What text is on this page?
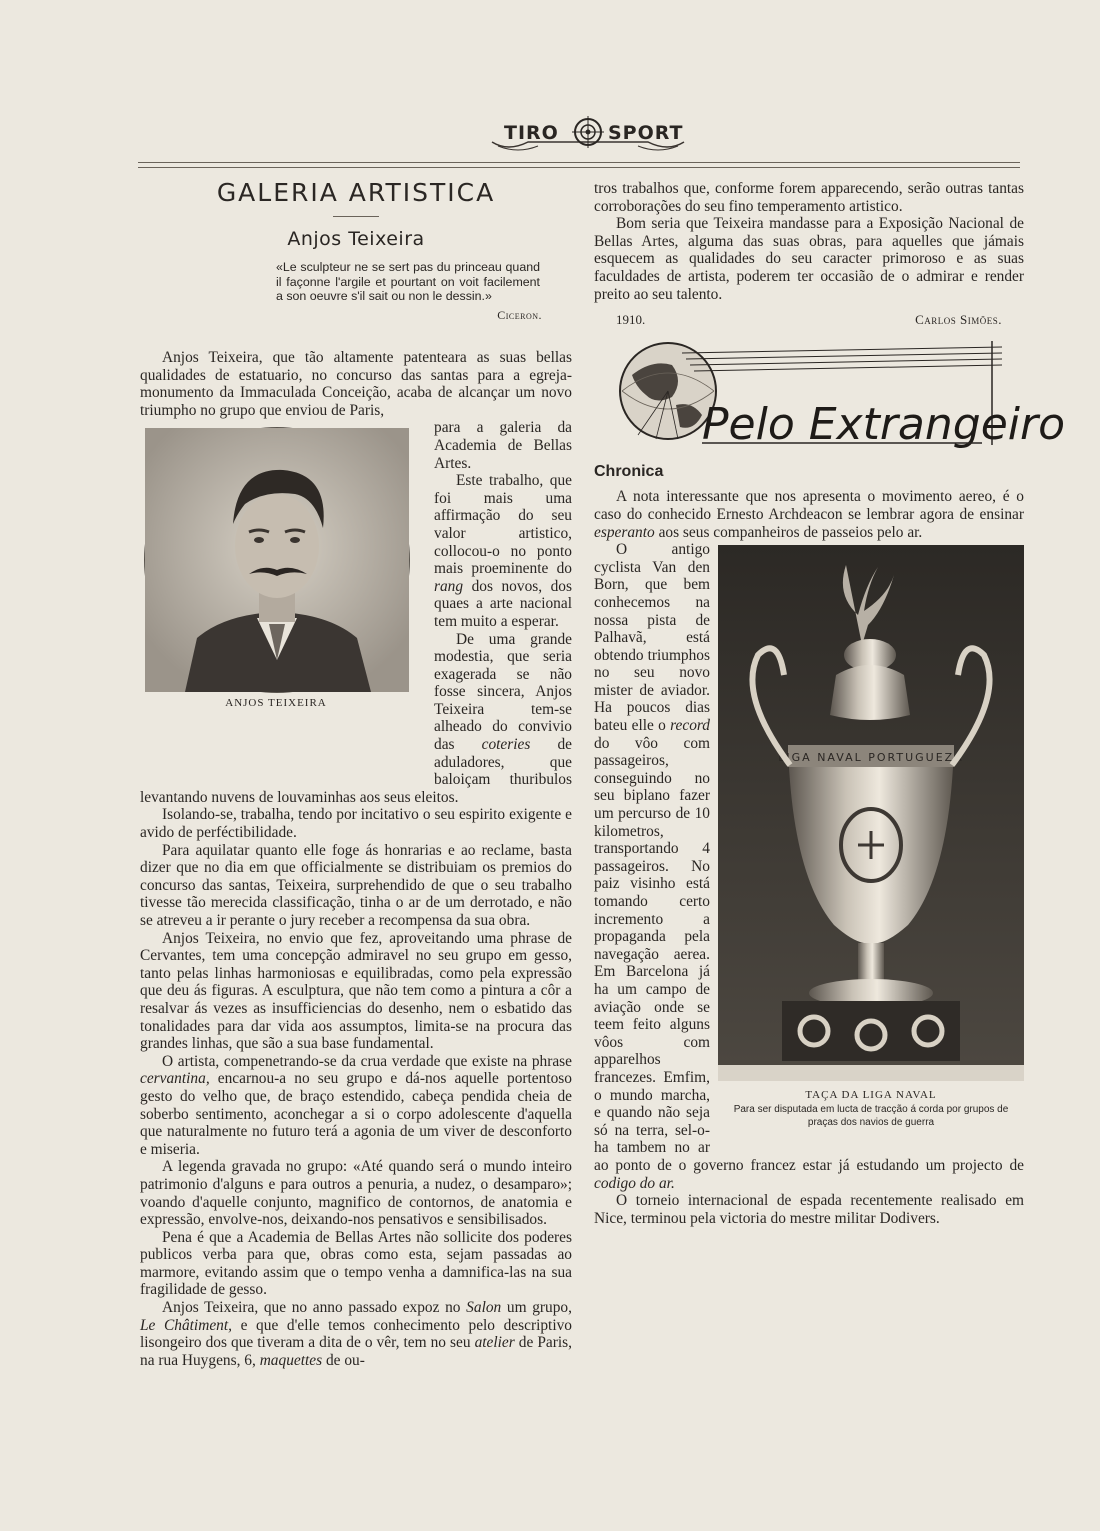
TIRO	SPORT
GALERIA ARTISTICA
Anjos Teixeira
«Le sculpteur ne se sert pas du princeau quand il façonne l'argile et pourtant on voit facilement a son oeuvre s'il sait ou non le dessin.»
Ciceron.

Anjos Teixeira, que tão altamente patenteara as suas bellas qualidades de estatuario, no concurso das santas para a egreja-monumento da Immaculada Conceição, acaba de alcançar um novo triumpho no grupo que enviou de Paris,

ANJOS TEIXEIRA

para a galeria da Academia de Bellas Artes.

Este trabalho, que foi mais uma affirmação do seu valor artistico, collocou-o no ponto mais proeminente do rang dos novos, dos quaes a arte nacional tem muito a esperar.

De uma grande modestia, que seria exagerada se não fosse sincera, Anjos Teixeira tem-se alheado do convivio das coteries de aduladores, que baloiçam thuribulos levantando nuvens de louvaminhas aos seus eleitos.

Isolando-se, trabalha, tendo por incitativo o seu espirito exigente e avido de perféctibilidade.

Para aquilatar quanto elle foge ás honrarias e ao reclame, basta dizer que no dia em que officialmente se distribuiam os premios do concurso das santas, Teixeira, surprehendido de que o seu trabalho tivesse tão merecida classificação, tinha o ar de um derrotado, e não se atreveu a ir perante o jury receber a recompensa da sua obra.

Anjos Teixeira, no envio que fez, aproveitando uma phrase de Cervantes, tem uma concepção admiravel no seu grupo em gesso, tanto pelas linhas harmoniosas e equilibradas, como pela expressão que deu ás figuras. A esculptura, que não tem como a pintura a côr a resalvar ás vezes as insufficiencias do desenho, nem o esbatido das tonalidades para dar vida aos assumptos, limita-se na procura das grandes linhas, que são a sua base fundamental.

O artista, compenetrando-se da crua verdade que existe na phrase cervantina, encarnou-a no seu grupo e dá-nos aquelle portentoso gesto do velho que, de braço estendido, cabeça pendida cheia de soberbo sentimento, aconchegar a si o corpo adolescente d'aquella que naturalmente no futuro terá a agonia de um viver de desconforto e miseria.

A legenda gravada no grupo: «Até quando será o mundo inteiro patrimonio d'alguns e para outros a penuria, a nudez, o desamparo»; voando d'aquelle conjunto, magnifico de contornos, de anatomia e expressão, envolve-nos, deixando-nos pensativos e sensibilisados.

Pena é que a Academia de Bellas Artes não sollicite dos poderes publicos verba para que, obras como esta, sejam passadas ao marmore, evitando assim que o tempo venha a damnifica-las na sua fragilidade de gesso.

Anjos Teixeira, que no anno passado expoz no Salon um grupo, Le Châtiment, e que d'elle temos conhecimento pelo descriptivo lisongeiro dos que tiveram a dita de o vêr, tem no seu atelier de Paris, na rua Huygens, 6, maquettes de ou-

tros trabalhos que, conforme forem apparecendo, serão outras tantas corroborações do seu fino temperamento artistico.

Bom seria que Teixeira mandasse para a Exposição Nacional de Bellas Artes, alguma das suas obras, para aquelles que jámais esquecem as qualidades do seu caracter primoroso e as suas faculdades de artista, poderem ter occasião de o admirar e render preito ao seu talento.

1910.	Carlos Simões.
Pelo Extrangeiro
Chronica

A nota interessante que nos apresenta o movimento aereo, é o caso do conhecido Ernesto Archdeacon se lembrar agora de ensinar esperanto aos seus companheiros de passeios pelo ar.

LIGA NAVAL PORTUGUEZA
TAÇA DA LIGA NAVAL
Para ser disputada em lucta de tracção á corda por grupos de praças dos navios de guerra

O antigo cyclista Van den Born, que bem conhecemos na nossa pista de Palhavã, está obtendo triumphos no seu novo mister de aviador. Ha poucos dias bateu elle o record do vôo com passageiros, conseguindo no seu biplano fazer um percurso de 10 kilometros, transportando 4 passageiros. No paiz visinho está tomando certo incremento a propaganda pela navegação aerea. Em Barcelona já ha um campo de aviação onde se teem feito alguns vôos com apparelhos francezes. Emfim, o mundo marcha, e quando não seja só na terra, sel-o-ha tambem no ar ao ponto de o governo francez estar já estudando um projecto de codigo do ar.

O torneio internacional de espada recentemente realisado em Nice, terminou pela victoria do mestre militar Dodivers.
